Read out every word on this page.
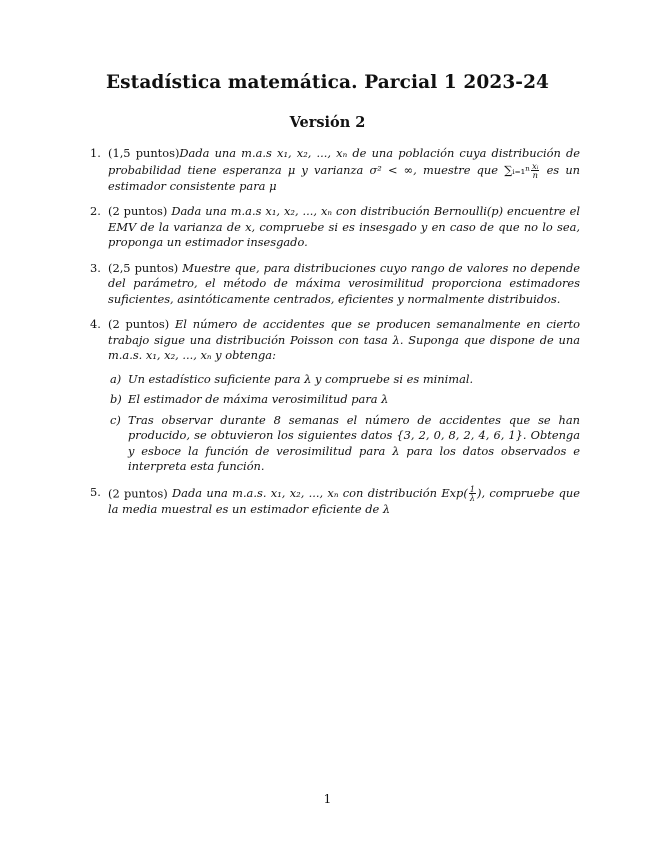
Estadística matemática. Parcial 1 2023-24
Versión 2
1. (1,5 puntos)Dada una m.a.s x₁, x₂, ..., xₙ de una población cuya distribución de probabilidad tiene esperanza μ y varianza σ² < ∞, muestre que ∑ᵢ₌₁ⁿ $\frac{\text{xᵢ}}{n}$ es un estimador consistente para μ
2. (2 puntos) Dada una m.a.s x₁, x₂, ..., xₙ con distribución Bernoulli(p) encuentre el EMV de la varianza de x, compruebe si es insesgado y en caso de que no lo sea, proponga un estimador insesgado.
3. (2,5 puntos) Muestre que, para distribuciones cuyo rango de valores no depende del parámetro, el método de máxima verosimilitud proporciona estimadores suficientes, asintóticamente centrados, eficientes y normalmente distribuidos.
4. (2 puntos) El número de accidentes que se producen semanalmente en cierto trabajo sigue una distribución Poisson con tasa λ. Suponga que dispone de una m.a.s. x₁, x₂, ..., xₙ y obtenga:
a) Un estadístico suficiente para λ y compruebe si es minimal.
b) El estimador de máxima verosimilitud para λ
c) Tras observar durante 8 semanas el número de accidentes que se han producido, se obtuvieron los siguientes datos {3, 2, 0, 8, 2, 4, 6, 1}. Obtenga y esboce la función de verosimilitud para λ para los datos observados e interpreta esta función.
5. (2 puntos) Dada una m.a.s. x₁, x₂, ..., xₙ con distribución $Exp( \frac{1}{\lambda}$ ), compruebe que la media muestral es un estimador eficiente de λ
1
